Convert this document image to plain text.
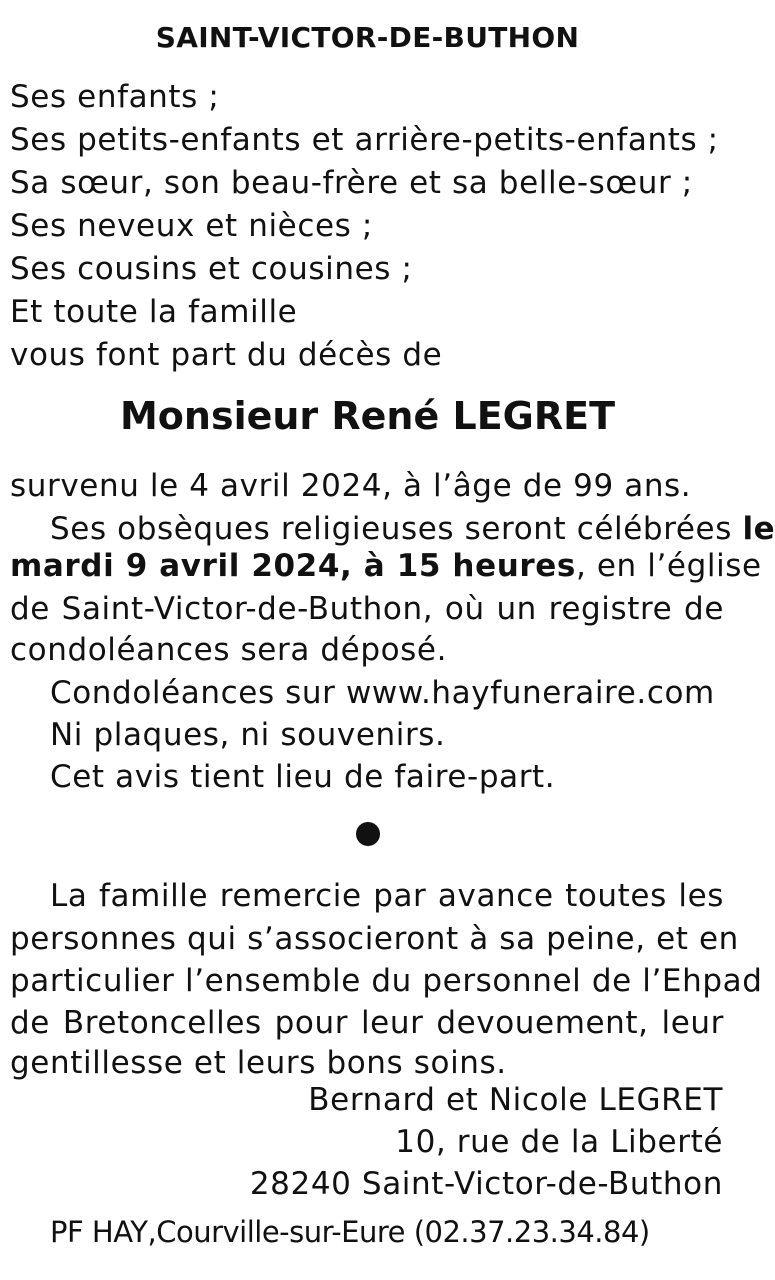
SAINT-VICTOR-DE-BUTHON
Ses enfants ;
Ses petits-enfants et arrière-petits-enfants ;
Sa sœur, son beau-frère et sa belle-sœur ;
Ses neveux et nièces ;
Ses cousins et cousines ;
Et toute la famille
vous font part du décès de
Monsieur René LEGRET
survenu le 4 avril 2024, à l’âge de 99 ans.
Ses obsèques religieuses seront célébrées le
mardi 9 avril 2024, à 15 heures, en l’église
de Saint-Victor-de-Buthon, où un registre de
condoléances sera déposé.
Condoléances sur www.hayfuneraire.com
Ni plaques, ni souvenirs.
Cet avis tient lieu de faire-part.
La famille remercie par avance toutes les
personnes qui s’associeront à sa peine, et en
particulier l’ensemble du personnel de l’Ehpad
de Bretoncelles pour leur devouement, leur
gentillesse et leurs bons soins.
Bernard et Nicole LEGRET
10, rue de la Liberté
28240 Saint-Victor-de-Buthon
PF HAY,Courville-sur-Eure (02.37.23.34.84)
